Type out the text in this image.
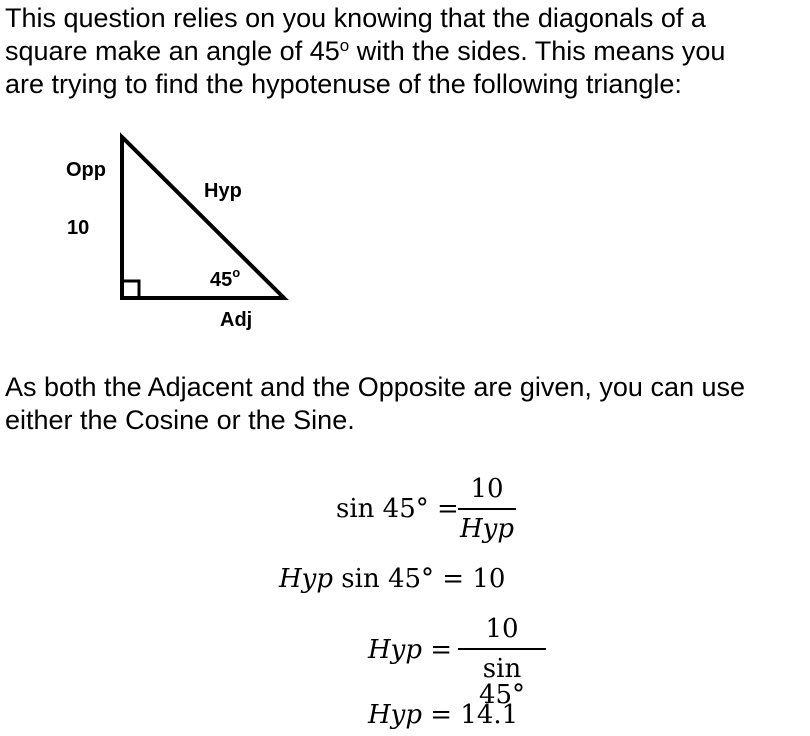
This question relies on you knowing that the diagonals of a
square make an angle of 45$^o$ with the sides. This means you
are trying to find the hypotenuse of the following triangle:
Opp
10
Hyp
45$^o$
Adj
As both the Adjacent and the Opposite are given, you can use
either the Cosine or the Sine.
sin 45° =
10
Hyp
Hyp sin 45° = 10
Hyp =
10
sin 45°
Hyp = 14.1
